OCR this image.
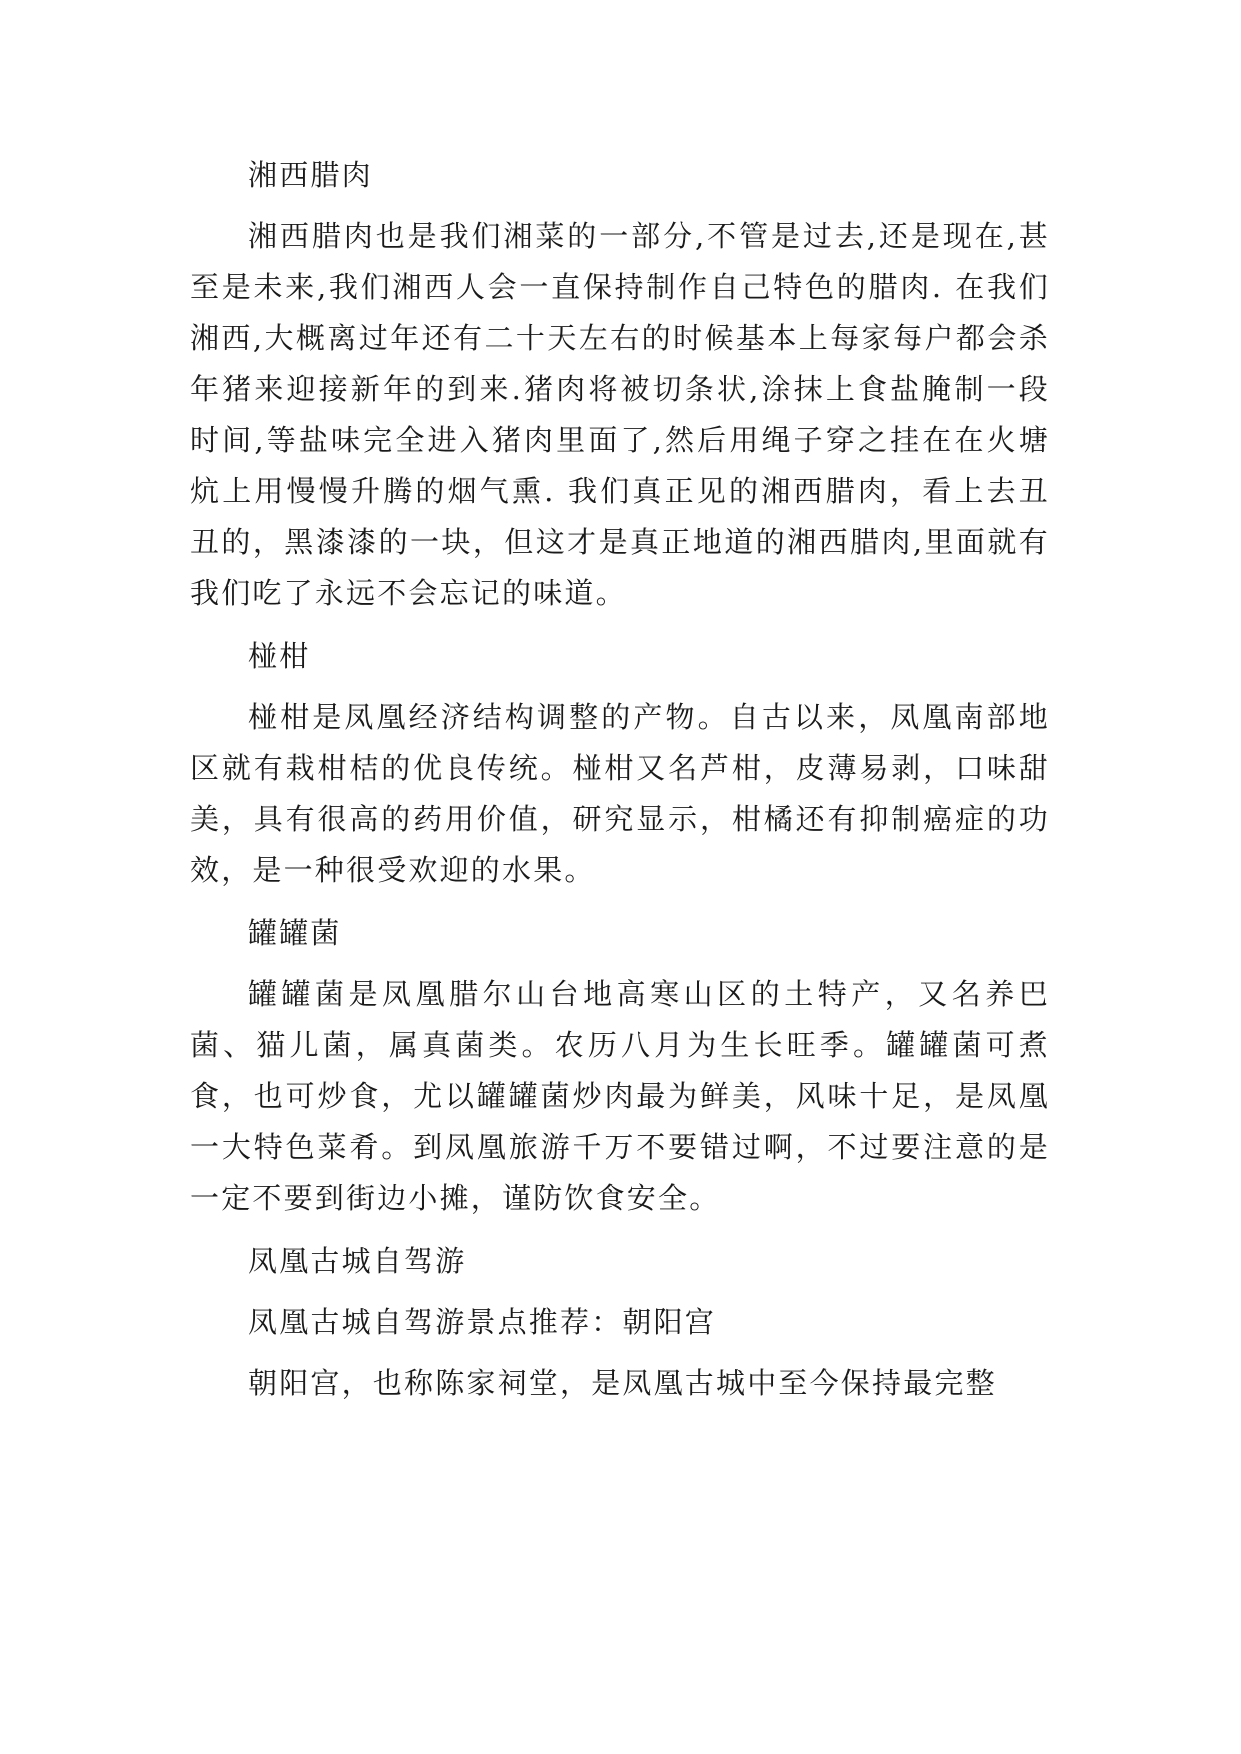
湘西腊肉

湘西腊肉也是我们湘菜的一部分,不管是过去,还是现在,甚至是未来,我们湘西人会一直保持制作自己特色的腊肉. 在我们湘西,大概离过年还有二十天左右的时候基本上每家每户都会杀年猪来迎接新年的到来.猪肉将被切条状,涂抹上食盐腌制一段时间,等盐味完全进入猪肉里面了,然后用绳子穿之挂在在火塘炕上用慢慢升腾的烟气熏. 我们真正见的湘西腊肉，看上去丑丑的，黑漆漆的一块，但这才是真正地道的湘西腊肉,里面就有我们吃了永远不会忘记的味道。

椪柑

椪柑是凤凰经济结构调整的产物。自古以来，凤凰南部地区就有栽柑桔的优良传统。椪柑又名芦柑，皮薄易剥，口味甜美，具有很高的药用价值，研究显示，柑橘还有抑制癌症的功效，是一种很受欢迎的水果。

罐罐菌

罐罐菌是凤凰腊尔山台地高寒山区的土特产，又名养巴菌、猫儿菌，属真菌类。农历八月为生长旺季。罐罐菌可煮食，也可炒食，尤以罐罐菌炒肉最为鲜美，风味十足，是凤凰一大特色菜肴。到凤凰旅游千万不要错过啊，不过要注意的是一定不要到街边小摊，谨防饮食安全。

凤凰古城自驾游

凤凰古城自驾游景点推荐：朝阳宫

朝阳宫，也称陈家祠堂，是凤凰古城中至今保持最完整
